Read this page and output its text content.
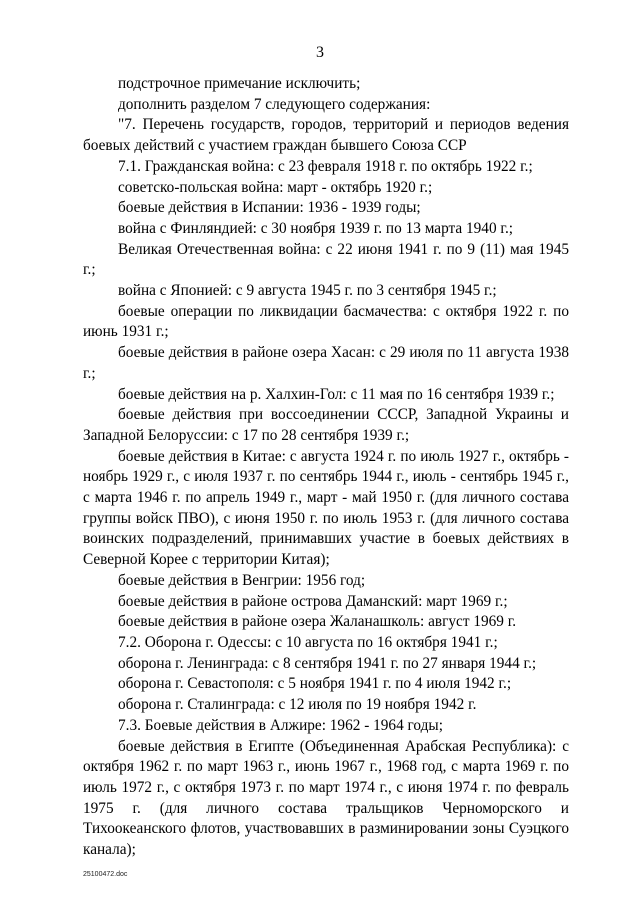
3

подстрочное примечание исключить;

дополнить разделом 7 следующего содержания:

"7. Перечень государств, городов, территорий и периодов ведения боевых действий с участием граждан бывшего Союза ССР

7.1. Гражданская война: с 23 февраля 1918 г. по октябрь 1922 г.;

советско-польская война: март - октябрь 1920 г.;

боевые действия в Испании: 1936 - 1939 годы;

война с Финляндией: с 30 ноября 1939 г. по 13 марта 1940 г.;

Великая Отечественная война: с 22 июня 1941 г. по 9 (11) мая 1945 г.;

война с Японией: с 9 августа 1945 г. по 3 сентября 1945 г.;

боевые операции по ликвидации басмачества: с октября 1922 г. по июнь 1931 г.;

боевые действия в районе озера Хасан: с 29 июля по 11 августа 1938 г.;

боевые действия на р. Халхин-Гол: с 11 мая по 16 сентября 1939 г.;

боевые действия при воссоединении СССР, Западной Украины и Западной Белоруссии: с 17 по 28 сентября 1939 г.;

боевые действия в Китае: с августа 1924 г. по июль 1927 г., октябрь - ноябрь 1929 г., с июля 1937 г. по сентябрь 1944 г., июль - сентябрь 1945 г., с марта 1946 г. по апрель 1949 г., март - май 1950 г. (для личного состава группы войск ПВО), с июня 1950 г. по июль 1953 г. (для личного состава воинских подразделений, принимавших участие в боевых действиях в Северной Корее с территории Китая);

боевые действия в Венгрии: 1956 год;

боевые действия в районе острова Даманский: март 1969 г.;

боевые действия в районе озера Жаланашколь: август 1969 г.

7.2. Оборона г. Одессы: с 10 августа по 16 октября 1941 г.;

оборона г. Ленинграда: с 8 сентября 1941 г. по 27 января 1944 г.;

оборона г. Севастополя: с 5 ноября 1941 г. по 4 июля 1942 г.;

оборона г. Сталинграда: с 12 июля по 19 ноября 1942 г.

7.3. Боевые действия в Алжире: 1962 - 1964 годы;

боевые действия в Египте (Объединенная Арабская Республика): с октября 1962 г. по март 1963 г., июнь 1967 г., 1968 год, с марта 1969 г. по июль 1972 г., с октября 1973 г. по март 1974 г., с июня 1974 г. по февраль 1975 г. (для личного состава тральщиков Черноморского и Тихоокеанского флотов, участвовавших в разминировании зоны Суэцкого канала);

25100472.doc
